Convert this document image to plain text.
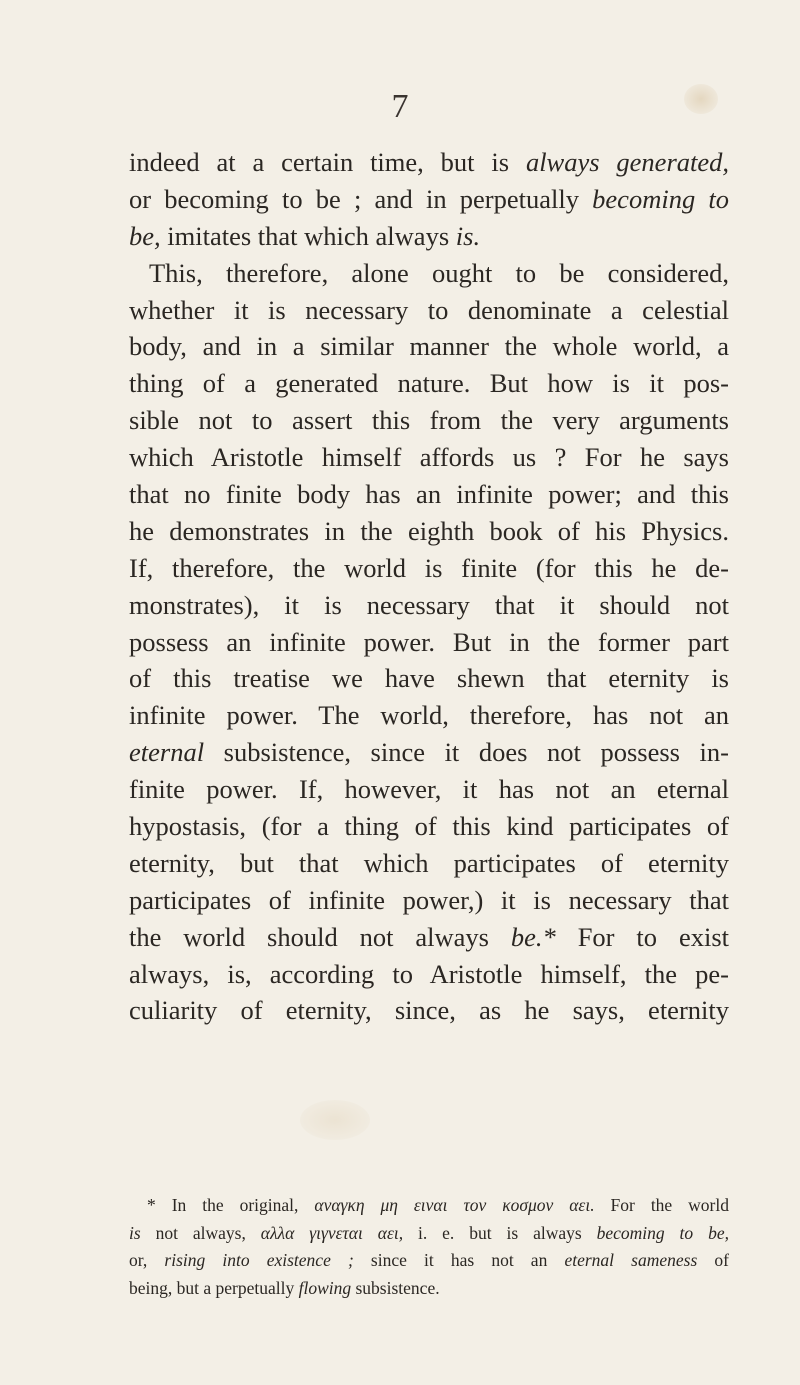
7
indeed at a certain time, but is always generated,
or becoming to be ; and in perpetually becoming to
be, imitates that which always is.
This, therefore, alone ought to be considered,
whether it is necessary to denominate a celestial
body, and in a similar manner the whole world, a
thing of a generated nature. But how is it pos-
sible not to assert this from the very arguments
which Aristotle himself affords us ? For he says
that no finite body has an infinite power; and this
he demonstrates in the eighth book of his Physics.
If, therefore, the world is finite (for this he de-
monstrates), it is necessary that it should not
possess an infinite power. But in the former part
of this treatise we have shewn that eternity is
infinite power. The world, therefore, has not an
eternal subsistence, since it does not possess in-
finite power. If, however, it has not an eternal
hypostasis, (for a thing of this kind participates of
eternity, but that which participates of eternity
participates of infinite power,) it is necessary that
the world should not always be.* For to exist
always, is, according to Aristotle himself, the pe-
culiarity of eternity, since, as he says, eternity
* In the original, αναγκη μη ειναι τον κοσμον αει. For the world
is not always, αλλα γιγνεται αει, i. e. but is always becoming to be,
or, rising into existence ; since it has not an eternal sameness of
being, but a perpetually flowing subsistence.
